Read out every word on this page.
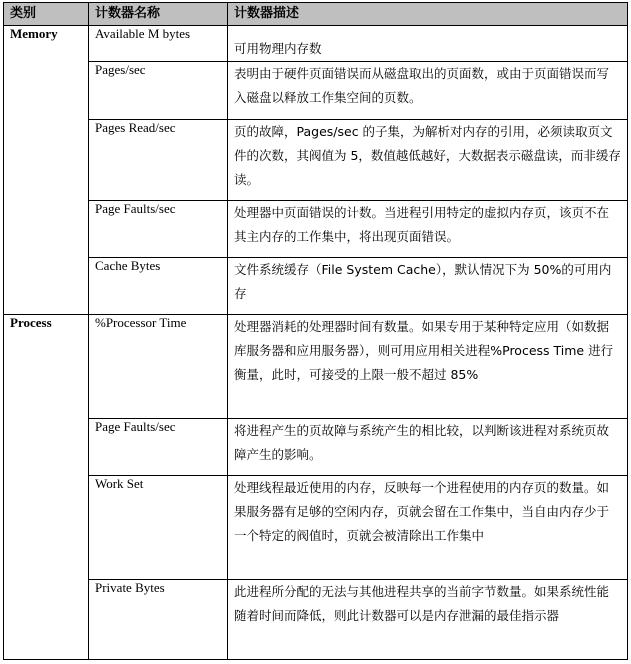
类别	计数器名称	计数器描述
Memory	Available M bytes	可用物理内存数
	Pages/sec	表明由于硬件页面错误而从磁盘取出的页面数，或由于页面错误而写入磁盘以释放工作集空间的页数。
	Pages Read/sec	页的故障，Pages/sec 的子集，为解析对内存的引用，必须读取页文件的次数，其阀值为 5，数值越低越好，大数据表示磁盘读，而非缓存读。
	Page Faults/sec	处理器中页面错误的计数。当进程引用特定的虚拟内存页，该页不在其主内存的工作集中，将出现页面错误。
	Cache Bytes	文件系统缓存（File System Cache），默认情况下为 50%的可用内存
Process	%Processor Time	处理器消耗的处理器时间有数量。如果专用于某种特定应用（如数据库服务器和应用服务器），则可用应用相关进程%Process Time 进行衡量，此时，可接受的上限一般不超过 85%
	Page Faults/sec	将进程产生的页故障与系统产生的相比较，以判断该进程对系统页故障产生的影响。
	Work Set	处理线程最近使用的内存，反映每一个进程使用的内存页的数量。如果服务器有足够的空闲内存，页就会留在工作集中，当自由内存少于一个特定的阀值时，页就会被清除出工作集中
	Private Bytes	此进程所分配的无法与其他进程共享的当前字节数量。如果系统性能随着时间而降低，则此计数器可以是内存泄漏的最佳指示器
